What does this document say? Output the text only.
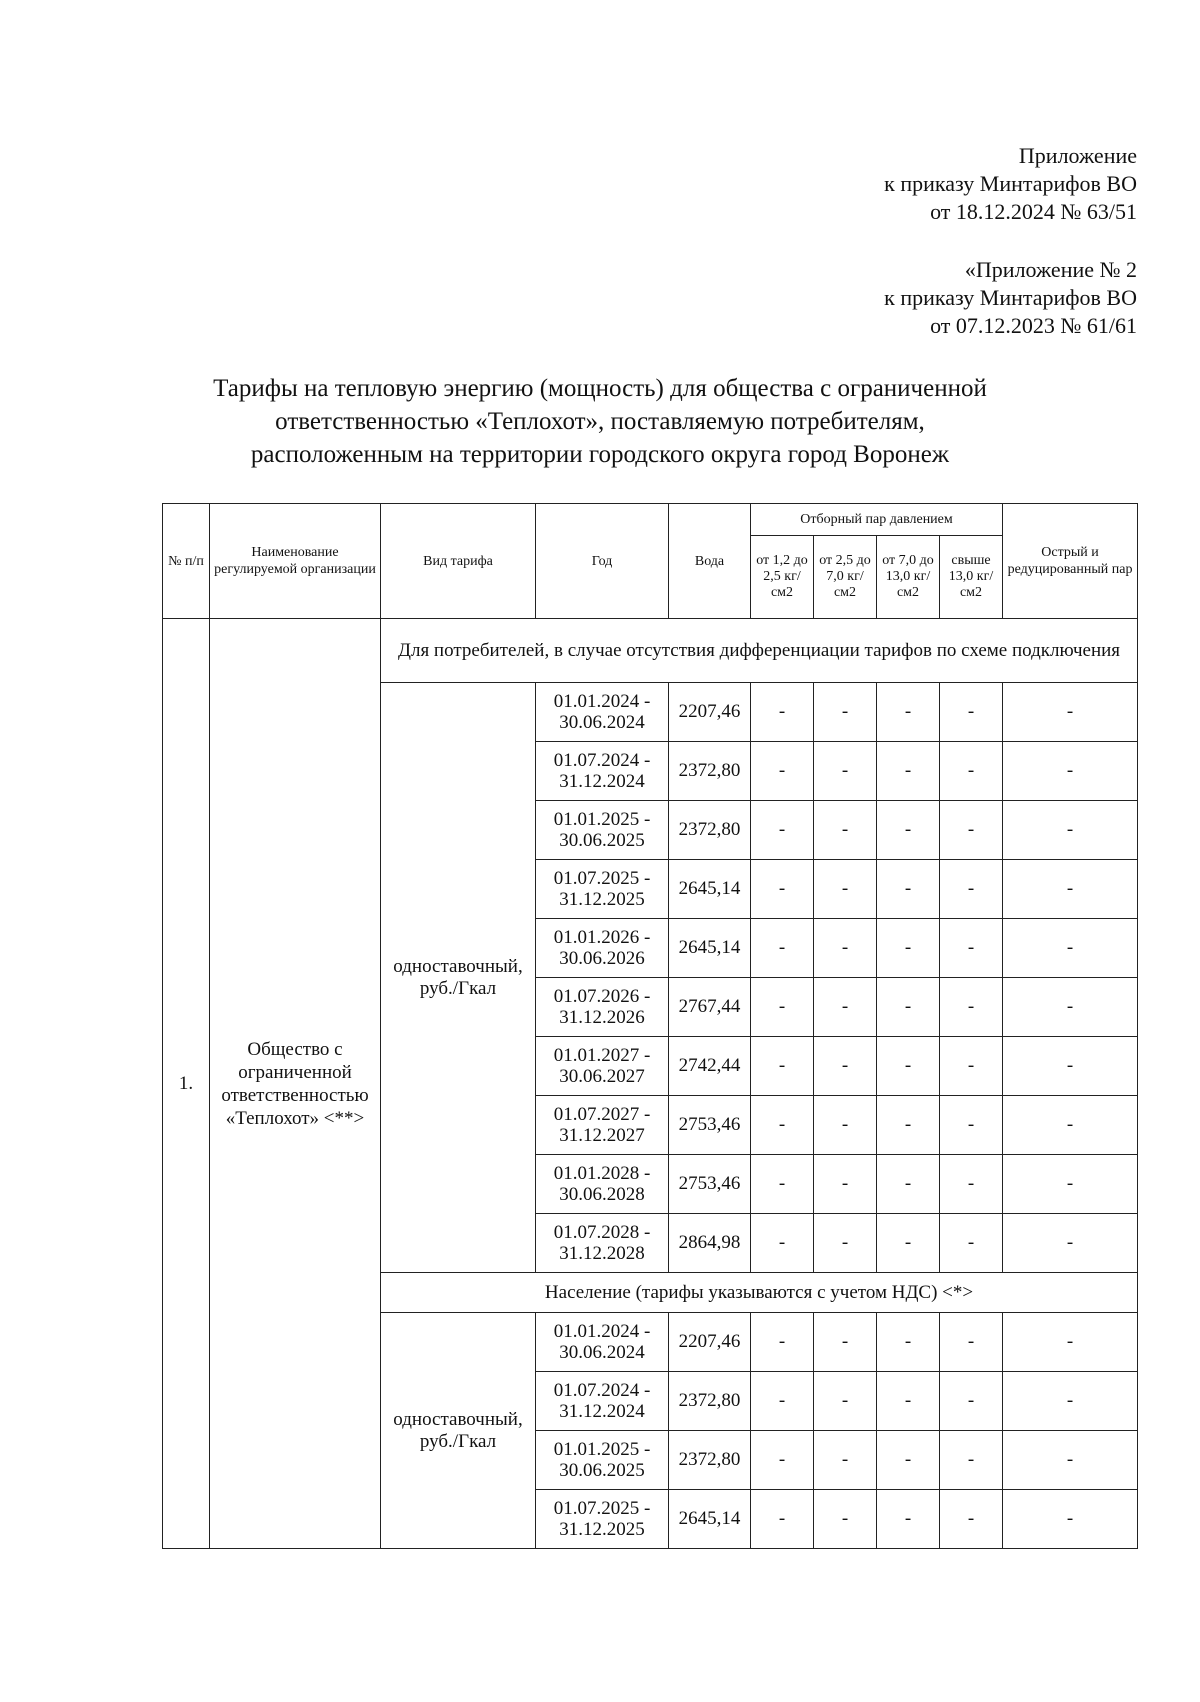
Приложение
к приказу Минтарифов ВО
от 18.12.2024 № 63/51
«Приложение № 2
к приказу Минтарифов ВО
от 07.12.2023 № 61/61
Тарифы на тепловую энергию (мощность) для общества с ограниченной
ответственностью «Теплохот», поставляемую потребителям,
расположенным на территории городского округа город Воронеж
№ п/п	Наименование регулируемой организации	Вид тарифа	Год	Вода	Отборный пар давлением				Острый и редуцированный пар
					от 1,2 до 2,5 кг/см2	от 2,5 до 7,0 кг/см2	от 7,0 до 13,0 кг/см2	свыше 13,0 кг/см2	
1.	Общество с ограниченной ответственностью «Теплохот» <**>	Для потребителей, в случае отсутствия дифференциации тарифов по схеме подключения							
		одноставочный, руб./Гкал	01.01.2024 - 30.06.2024	2207,46	-	-	-	-	-
			01.07.2024 - 31.12.2024	2372,80	-	-	-	-	-
			01.01.2025 - 30.06.2025	2372,80	-	-	-	-	-
			01.07.2025 - 31.12.2025	2645,14	-	-	-	-	-
			01.01.2026 - 30.06.2026	2645,14	-	-	-	-	-
			01.07.2026 - 31.12.2026	2767,44	-	-	-	-	-
			01.01.2027 - 30.06.2027	2742,44	-	-	-	-	-
			01.07.2027 - 31.12.2027	2753,46	-	-	-	-	-
			01.01.2028 - 30.06.2028	2753,46	-	-	-	-	-
			01.07.2028 - 31.12.2028	2864,98	-	-	-	-	-
		Население (тарифы указываются с учетом НДС) <*>							
		одноставочный, руб./Гкал	01.01.2024 - 30.06.2024	2207,46	-	-	-	-	-
			01.07.2024 - 31.12.2024	2372,80	-	-	-	-	-
			01.01.2025 - 30.06.2025	2372,80	-	-	-	-	-
			01.07.2025 - 31.12.2025	2645,14	-	-	-	-	-
